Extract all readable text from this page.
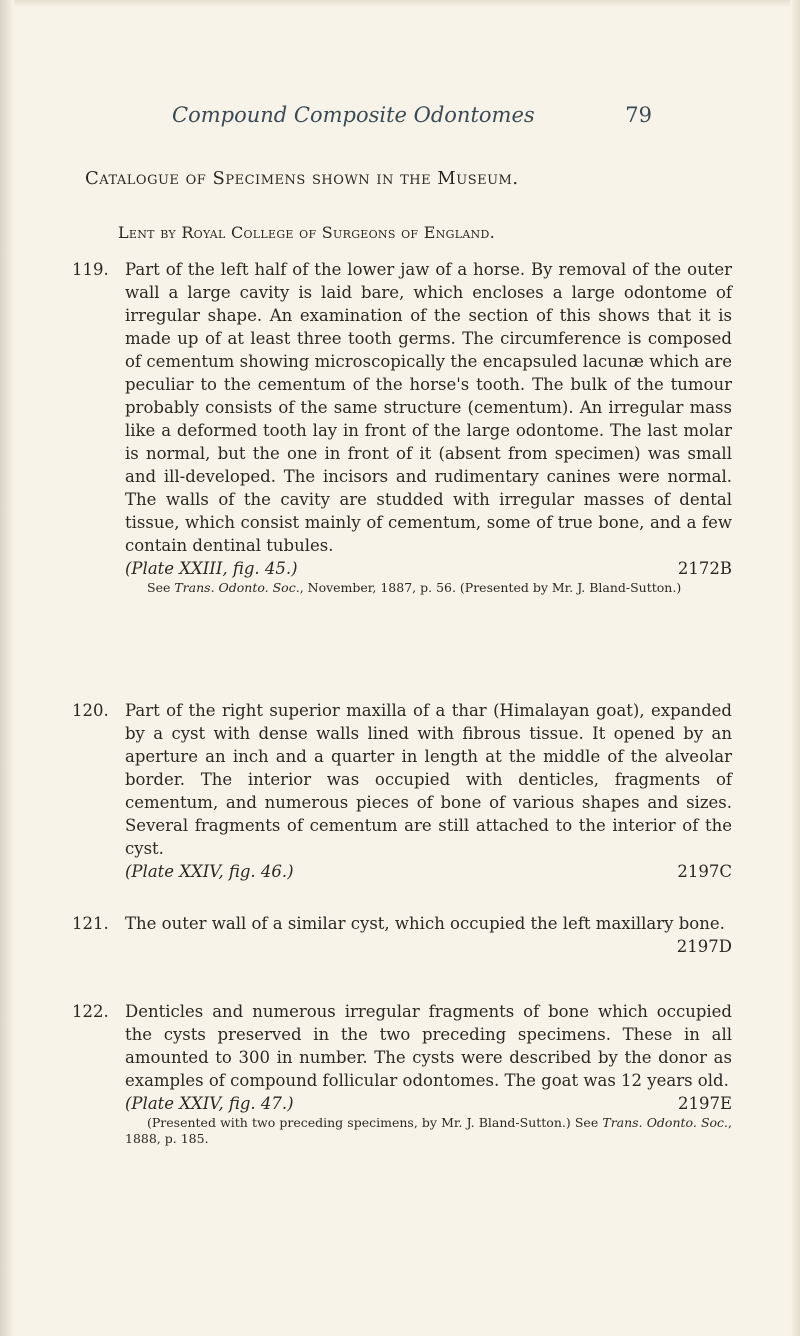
Compound Composite Odontomes	79
Catalogue of Specimens shown in the Museum.
Lent by Royal College of Surgeons of England.
119. Part of the left half of the lower jaw of a horse. By removal of the outer wall a large cavity is laid bare, which encloses a large odontome of irregular shape. An examination of the section of this shows that it is made up of at least three tooth germs. The circumference is composed of cementum showing microscopically the encapsuled lacunæ which are peculiar to the cementum of the horse's tooth. The bulk of the tumour probably consists of the same structure (cementum). An irregular mass like a deformed tooth lay in front of the large odontome. The last molar is normal, but the one in front of it (absent from specimen) was small and ill-developed. The incisors and rudimentary canines were normal. The walls of the cavity are studded with irregular masses of dental tissue, which consist mainly of cementum, some of true bone, and a few contain dentinal tubules.
(Plate XXIII, fig. 45.)	2172B

See Trans. Odonto. Soc., November, 1887, p. 56. (Presented by Mr. J. Bland-Sutton.)

120. Part of the right superior maxilla of a thar (Himalayan goat), expanded by a cyst with dense walls lined with fibrous tissue. It opened by an aperture an inch and a quarter in length at the middle of the alveolar border. The interior was occupied with denticles, fragments of cementum, and numerous pieces of bone of various shapes and sizes. Several fragments of cementum are still attached to the interior of the cyst.
(Plate XXIV, fig. 46.)	2197C

121. The outer wall of a similar cyst, which occupied the left maxillary bone.
2197D

122. Denticles and numerous irregular fragments of bone which occupied the cysts preserved in the two preceding specimens. These in all amounted to 300 in number. The cysts were described by the donor as examples of compound follicular odontomes. The goat was 12 years old.
(Plate XXIV, fig. 47.)	2197E

(Presented with two preceding specimens, by Mr. J. Bland-Sutton.) See Trans. Odonto. Soc., 1888, p. 185.
